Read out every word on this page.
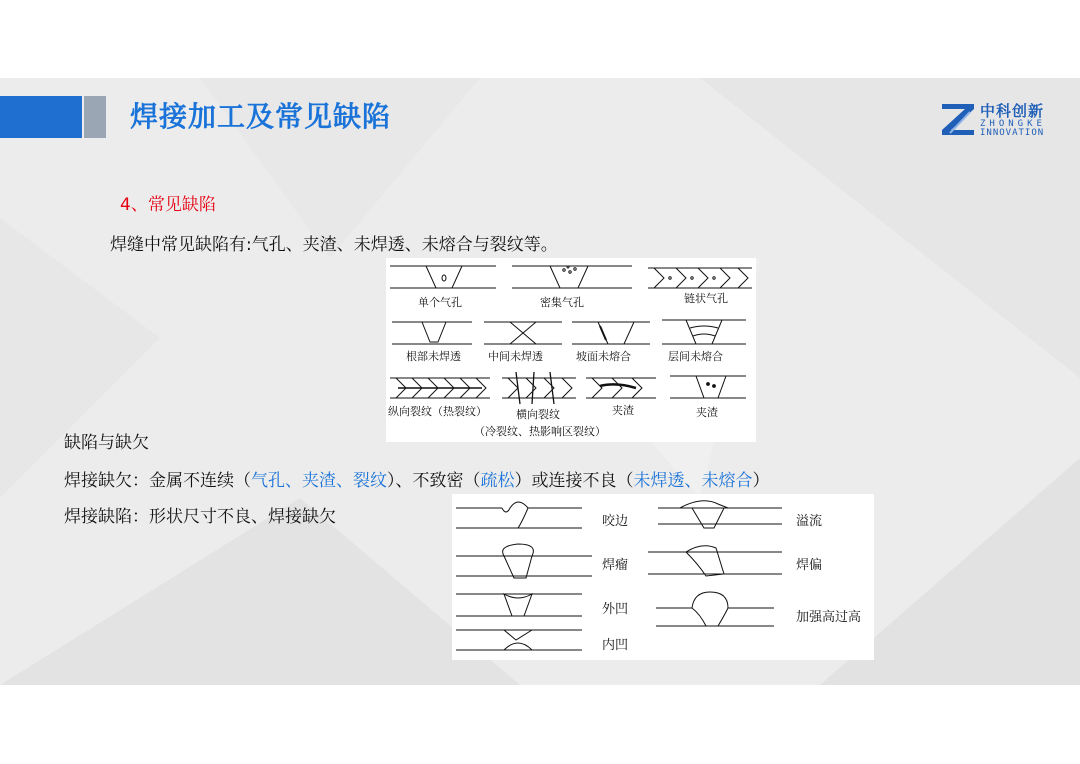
焊接加工及常见缺陷	中科创新
ZHONGKE
INNOVATION
4、常见缺陷
焊缝中常见缺陷有:气孔、夹渣、未焊透、未熔合与裂纹等。
单个气孔	密集气孔	链状气孔
根部未焊透 中间未焊透	坡面未熔合	层间未熔合
纵向裂纹（热裂纹）	横向裂纹	夹渣	夹渣
（冷裂纹、热影响区裂纹）
缺陷与缺欠
焊接缺欠：金属不连续（气孔、夹渣、裂纹）、不致密（疏松）或连接不良（未焊透、未熔合）
焊接缺陷：形状尺寸不良、焊接缺欠	咬边	溢流
焊瘤	焊偏
外凹
加强高过高
内凹
